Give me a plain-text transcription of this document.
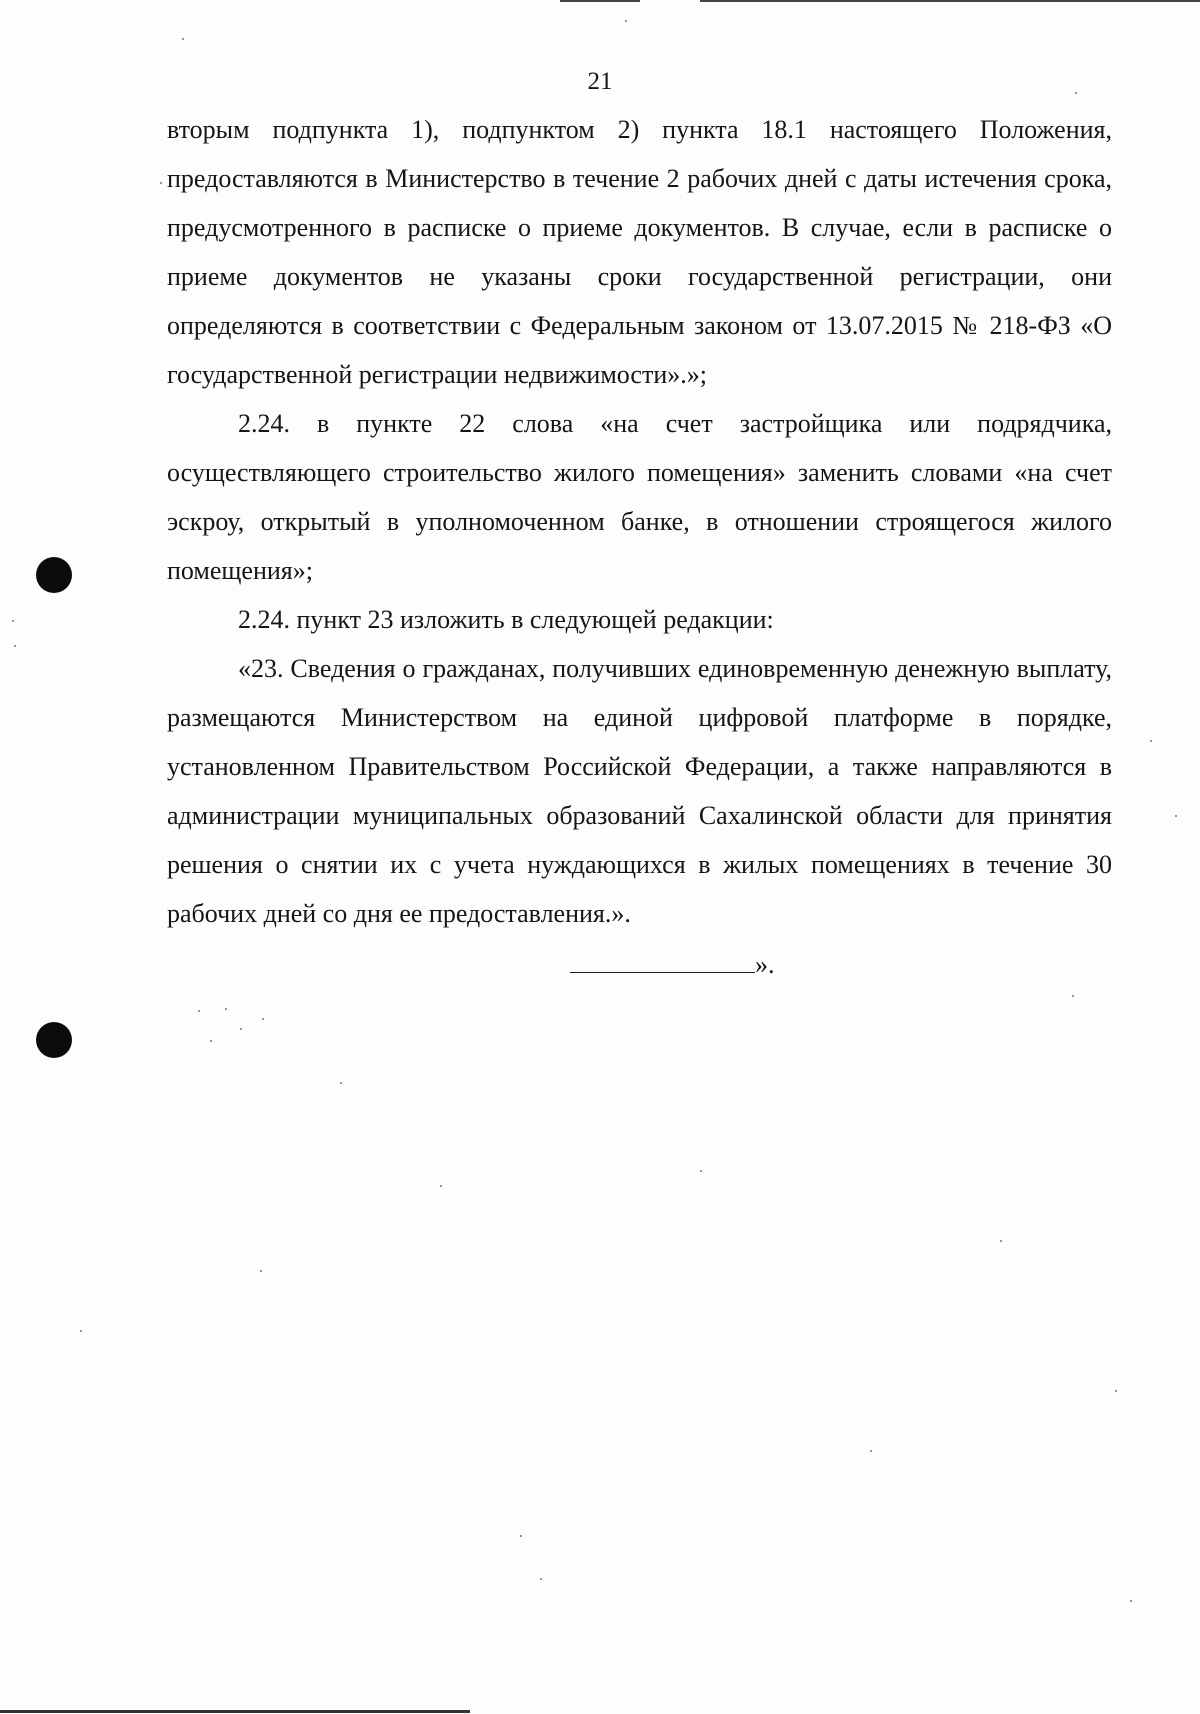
21

вторым подпункта 1), подпунктом 2) пункта 18.1 настоящего Положения, предоставляются в Министерство в течение 2 рабочих дней с даты истечения срока, предусмотренного в расписке о приеме документов. В случае, если в расписке о приеме документов не указаны сроки государственной регистрации, они определяются в соответствии с Федеральным законом от 13.07.2015 № 218-ФЗ «О государственной регистрации недвижимости».»;

2.24. в пункте 22 слова «на счет застройщика или подрядчика, осуществляющего строительство жилого помещения» заменить словами «на счет эскроу, открытый в уполномоченном банке, в отношении строящегося жилого помещения»;

2.24. пункт 23 изложить в следующей редакции:

«23. Сведения о гражданах, получивших единовременную денежную выплату, размещаются Министерством на единой цифровой платформе в порядке, установленном Правительством Российской Федерации, а также направляются в администрации муниципальных образований Сахалинской области для принятия решения о снятии их с учета нуждающихся в жилых помещениях в течение 30 рабочих дней со дня ее предоставления.».

».
